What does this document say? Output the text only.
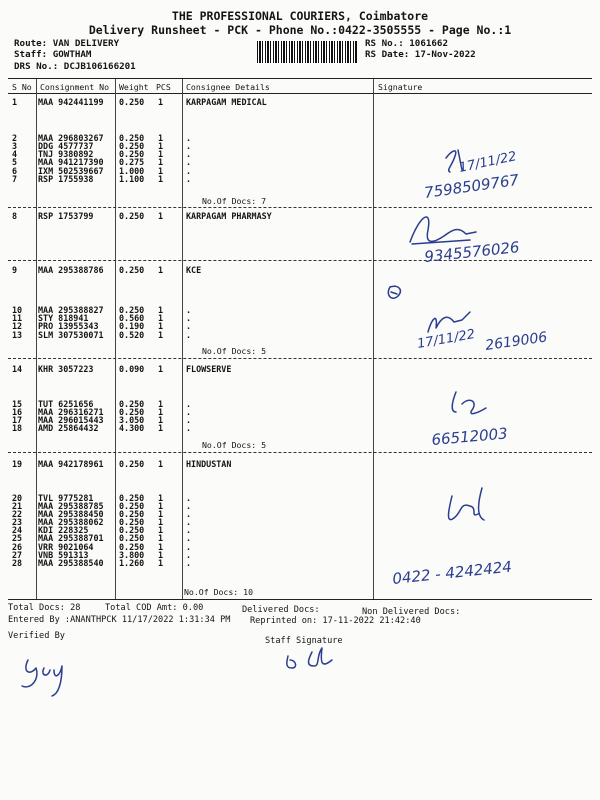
THE PROFESSIONAL COURIERS, Coimbatore
Delivery Runsheet - PCK - Phone No.:0422-3505555 - Page No.:1
Route: VAN DELIVERY
Staff: GOWTHAM
DRS No.: DCJB106166201
RS No.: 1061662
RS Date: 17-Nov-2022
S No Consignment No Weight PCS Consignee Details	Signature
1 MAA 942441199 0.250 1	KARPAGAM MEDICAL
2 MAA 296803267 0.250 1	.
3 DDG 4577737	0.250 1	.
4 TNJ 9380892	0.250 1	.
5 MAA 941217390 0.275 1	.
6 IXM 502539667 1.000 1	.
7 RSP 1755938	1.100 1	.
8 RSP 1753799	0.250 1	KARPAGAM PHARMASY
9 MAA 295388786 0.250 1	KCE
10 MAA 295388827 0.250 1	.
11 STY 818941	0.560 1	.
12 PRO 13955343 0.190 1	.
13 SLM 307530071 0.520 1	.
14 KHR 3057223	0.090 1	FLOWSERVE
15 TUT 6251656	0.250 1	.
16 MAA 296316271 0.250 1	.
17 MAA 296015443 3.050 1	.
18 AMD 25864432 4.300 1	.
19 MAA 942178961 0.250 1	HINDUSTAN
20 TVL 9775281	0.250 1	.
21 MAA 295388785 0.250 1	.
22 MAA 295388450 0.250 1	.
23 MAA 295388062 0.250 1	.
24 KDI 228325	0.250 1	.
25 MAA 295388701 0.250 1	.
26 VRR 9021064	0.250 1	.
27 VNB 591313	3.800 1	.
28 MAA 295388540 1.260 1	.
No.Of Docs: 7
No.Of Docs: 5
No.Of Docs: 5
No.Of Docs: 10
Total Docs: 28	Total COD Amt: 0.00	Delivered Docs:	Non Delivered Docs:
Entered By :ANANTHPCK 11/17/2022 1:31:34 PM Reprinted on: 17-11-2022 21:42:40
Verified By	Staff Signature
17/11/22
7598509767
9345576026
17/11/22 2619006
66512003
0422 - 4242424
